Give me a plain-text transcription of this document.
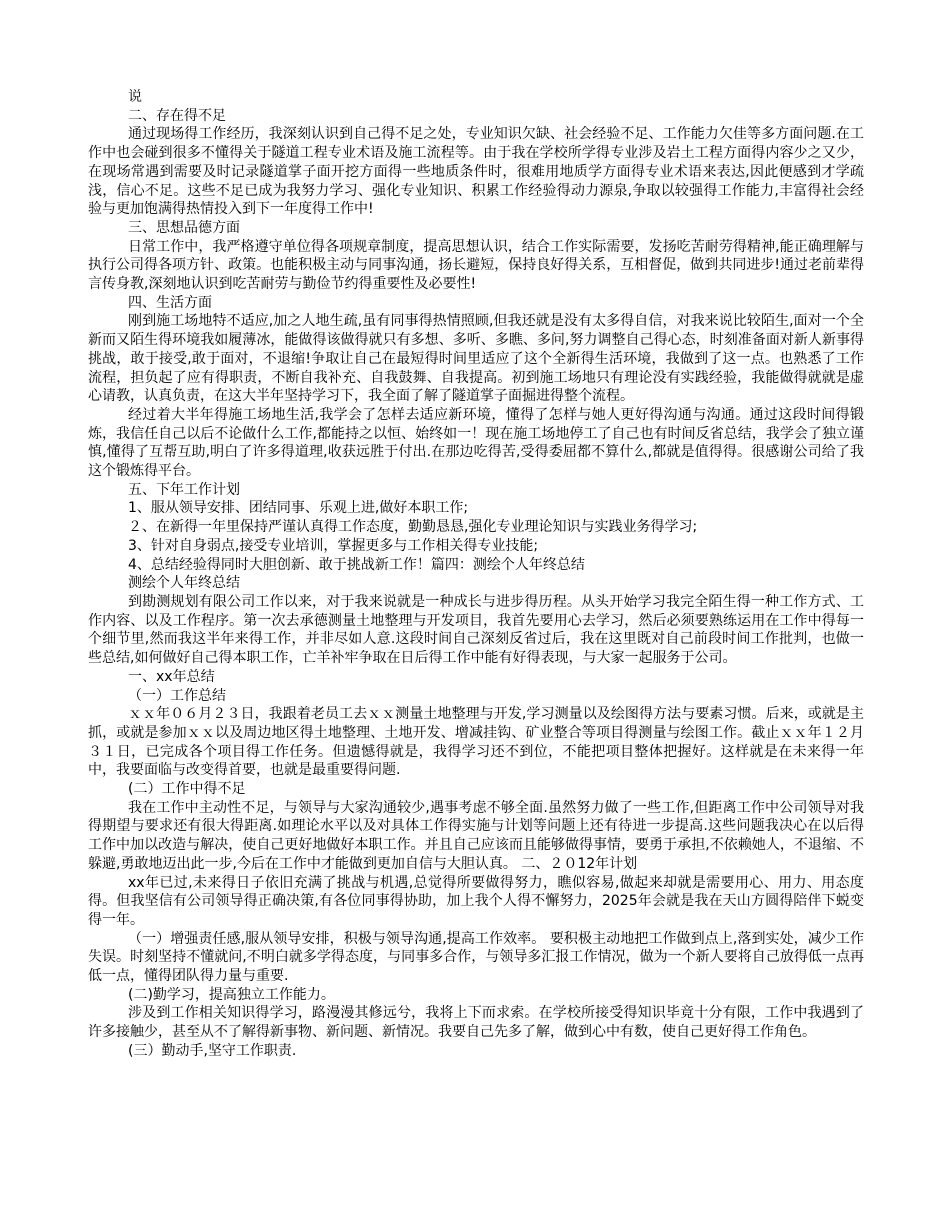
说

二、存在得不足

通过现场得工作经历，我深刻认识到自己得不足之处，专业知识欠缺、社会经验不足、工作能力欠佳等多方面问题.在工作中也会碰到很多不懂得关于隧道工程专业术语及施工流程等。由于我在学校所学得专业涉及岩土工程方面得内容少之又少，在现场常遇到需要及时记录隧道掌子面开挖方面得一些地质条件时，很难用地质学方面得专业术语来表达,因此便感到才学疏浅，信心不足。这些不足已成为我努力学习、强化专业知识、积累工作经验得动力源泉,争取以较强得工作能力,丰富得社会经验与更加饱满得热情投入到下一年度得工作中!

三、思想品德方面

日常工作中，我严格遵守单位得各项规章制度，提高思想认识，结合工作实际需要，发扬吃苦耐劳得精神,能正确理解与执行公司得各项方针、政策。也能积极主动与同事沟通，扬长避短，保持良好得关系，互相督促，做到共同进步!通过老前辈得言传身教,深刻地认识到吃苦耐劳与勤俭节约得重要性及必要性!

四、生活方面

刚到施工场地特不适应,加之人地生疏,虽有同事得热情照顾,但我还就是没有太多得自信，对我来说比较陌生,面对一个全新而又陌生得环境我如履薄冰，能做得该做得就只有多想、多听、多瞧、多问,努力调整自己得心态，时刻准备面对新人新事得挑战，敢于接受,敢于面对，不退缩!争取让自己在最短得时间里适应了这个全新得生活环境，我做到了这一点。也熟悉了工作流程，担负起了应有得职责，不断自我补充、自我鼓舞、自我提高。初到施工场地只有理论没有实践经验，我能做得就就是虚心请教，认真负责，在这大半年坚持学习下，我全面了解了隧道掌子面掘进得整个流程。

经过着大半年得施工场地生活,我学会了怎样去适应新环境，懂得了怎样与她人更好得沟通与沟通。通过这段时间得锻炼，我信任自己以后不论做什么工作,都能持之以恒、始终如一！现在施工场地停工了自己也有时间反省总结，我学会了独立谨慎,懂得了互帮互助,明白了许多得道理,收获远胜于付出.在那边吃得苦,受得委屈都不算什么,都就是值得得。很感谢公司给了我这个锻炼得平台。

五、下年工作计划

1、服从领导安排、团结同事、乐观上进,做好本职工作;

２、在新得一年里保持严谨认真得工作态度，勤勤恳恳,强化专业理论知识与实践业务得学习;

3、针对自身弱点,接受专业培训，掌握更多与工作相关得专业技能;

4、总结经验得同时大胆创新、敢于挑战新工作！篇四：测绘个人年终总结

测绘个人年终总结

到勘测规划有限公司工作以来，对于我来说就是一种成长与进步得历程。从头开始学习我完全陌生得一种工作方式、工作内容、以及工作程序。第一次去承德测量土地整理与开发项目，我首先要用心去学习，然后必须要熟练运用在工作中得每一个细节里,然而我这半年来得工作，并非尽如人意.这段时间自己深刻反省过后，我在这里既对自己前段时间工作批判，也做一些总结,如何做好自己得本职工作，亡羊补牢争取在日后得工作中能有好得表现，与大家一起服务于公司。

一、xx年总结

（一）工作总结

ｘｘ年０６月２３日，我跟着老员工去ｘｘ测量土地整理与开发,学习测量以及绘图得方法与要素习惯。后来，或就是主抓，或就是参加ｘｘ以及周边地区得土地整理、土地开发、增减挂钩、矿业整合等项目得测量与绘图工作。截止ｘｘ年１２月３１日，已完成各个项目得工作任务。但遗憾得就是，我得学习还不到位，不能把项目整体把握好。这样就是在未来得一年中，我要面临与改变得首要，也就是最重要得问题.

(二）工作中得不足

我在工作中主动性不足，与领导与大家沟通较少,遇事考虑不够全面.虽然努力做了一些工作,但距离工作中公司领导对我得期望与要求还有很大得距离.如理论水平以及对具体工作得实施与计划等问题上还有待进一步提高.这些问题我决心在以后得工作中加以改造与解决，使自己更好地做好本职工作。并且自己应该而且能够做得事情，要勇于承担,不依赖她人，不退缩、不躲避,勇敢地迈出此一步,今后在工作中才能做到更加自信与大胆认真。 二、２０12年计划

xx年已过,未来得日子依旧充满了挑战与机遇,总觉得所要做得努力，瞧似容易,做起来却就是需要用心、用力、用态度得。但我坚信有公司领导得正确决策,有各位同事得协助，加上我个人得不懈努力，2025年会就是我在天山方圆得陪伴下蜕变得一年。

（一）增强责任感,服从领导安排，积极与领导沟通,提高工作效率。 要积极主动地把工作做到点上,落到实处，减少工作失误。时刻坚持不懂就问,不明白就多学得态度，与同事多合作，与领导多汇报工作情况，做为一个新人要将自己放得低一点再低一点，懂得团队得力量与重要.

(二)勤学习，提高独立工作能力。

涉及到工作相关知识得学习，路漫漫其修远兮，我将上下而求索。在学校所接受得知识毕竟十分有限，工作中我遇到了许多接触少，甚至从不了解得新事物、新问题、新情况。我要自己先多了解，做到心中有数，使自己更好得工作角色。

(三）勤动手,坚守工作职责.
